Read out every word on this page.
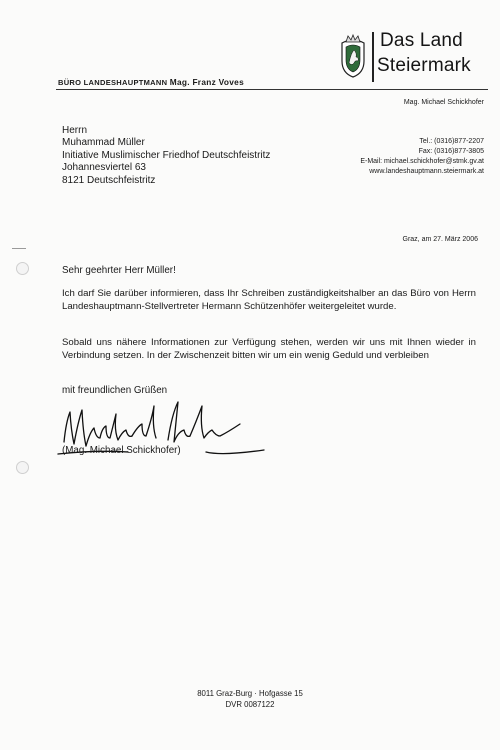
Das Land
Steiermark
BÜRO LANDESHAUPTMANN Mag. Franz Voves
Mag. Michael Schickhofer
Tel.: (0316)877-2207
Fax: (0316)877-3805
E-Mail: michael.schickhofer@stmk.gv.at
www.landeshauptmann.steiermark.at
Herrn
Muhammad Müller
Initiative Muslimischer Friedhof Deutschfeistritz
Johannesviertel 63
8121 Deutschfeistritz
Graz, am 27. März 2006
Sehr geehrter Herr Müller!
Ich darf Sie darüber informieren, dass Ihr Schreiben zuständigkeitshalber an das Büro von Herrn Landeshauptmann-Stellvertreter Hermann Schützenhöfer weitergeleitet wurde.
Sobald uns nähere Informationen zur Verfügung stehen, werden wir uns mit Ihnen wieder in Verbindung setzen. In der Zwischenzeit bitten wir um ein wenig Geduld und verbleiben
mit freundlichen Grüßen
(Mag. Michael Schickhofer)
8011 Graz-Burg · Hofgasse 15
DVR 0087122
